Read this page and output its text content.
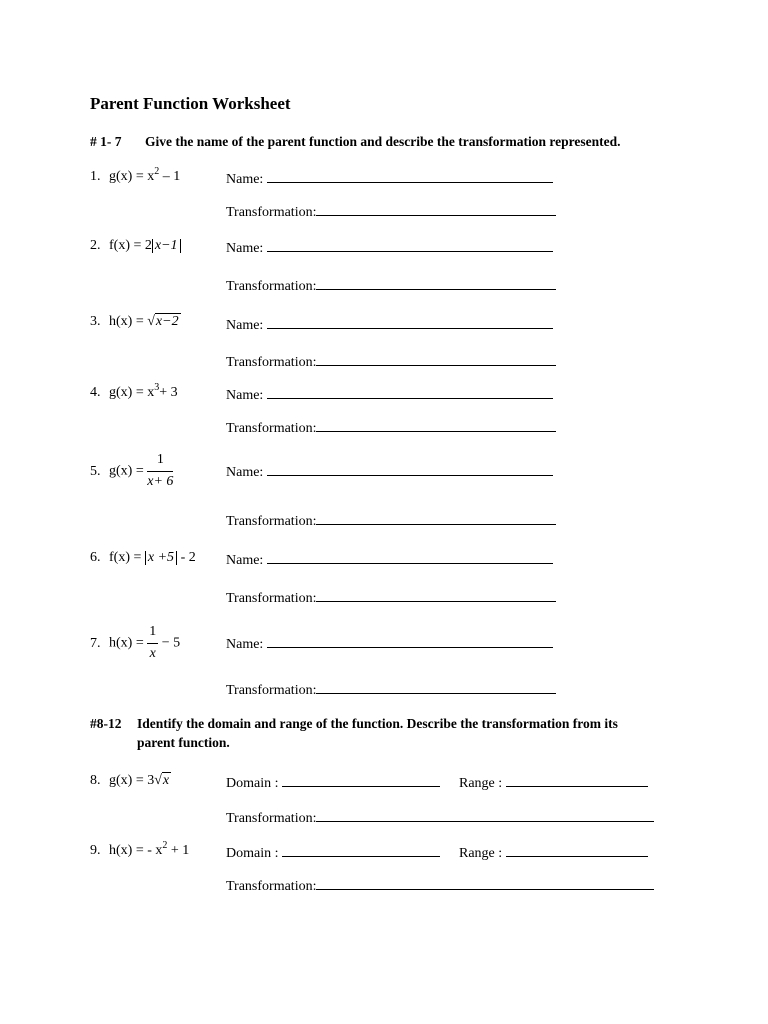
Parent Function Worksheet
# 1- 7 Give the name of the parent function and describe the transformation represented.
1. $g(x) = x^2 - 1$	Name:
Transformation:
2. f(x) = 2 x−1	Name:
Transformation:
3. h(x) = √x−2	Name:
Transformation:
4. $g(x) = x^3+ 3$	Name:
Transformation:
5. $g(x) = \frac{1}{x+ 6}$	Name:
Transformation:
6. f(x) = x +5 - 2 Name:
Transformation:
7. $h(x) = \frac{1}{x} - 5$	Name:
Transformation:
#8-12 Identify the domain and range of the function. Describe the transformation from its
parent function.
8. g(x) = 3√x	Domain :	Range :
Transformation:
9. h(x) = - $x^2 + 1$	Domain :	Range :
Transformation:
